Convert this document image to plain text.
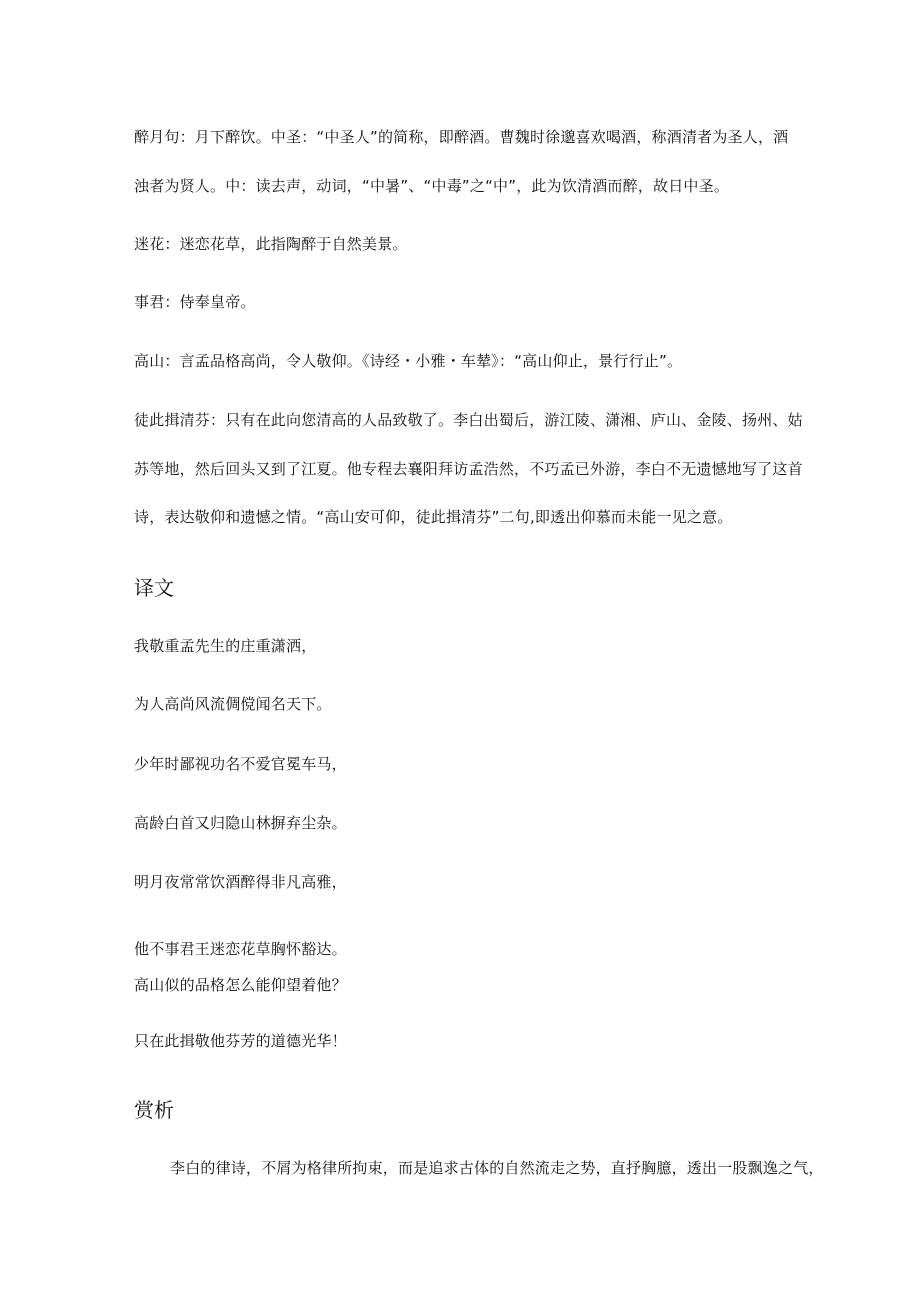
醉月句：月下醉饮。中圣：“中圣人”的简称，即醉酒。曹魏时徐邈喜欢喝酒，称酒清者为圣人，酒
浊者为贤人。中：读去声，动词，“中暑”、“中毒”之“中”，此为饮清酒而醉，故日中圣。
迷花：迷恋花草，此指陶醉于自然美景。
事君：侍奉皇帝。
高山：言孟品格高尚，令人敬仰。《诗经・小雅・车辇》：“高山仰止，景行行止”。
徒此揖清芬：只有在此向您清高的人品致敬了。李白出蜀后，游江陵、潇湘、庐山、金陵、扬州、姑
苏等地，然后回头又到了江夏。他专程去襄阳拜访孟浩然，不巧孟已外游，李白不无遗憾地写了这首
诗，表达敬仰和遗憾之情。“高山安可仰，徒此揖清芬”二句,即透出仰慕而未能一见之意。
译文
我敬重孟先生的庄重潇洒，
为人高尚风流倜傥闻名天下。
少年时鄙视功名不爱官冕车马，
高龄白首又归隐山林摒弃尘杂。
明月夜常常饮酒醉得非凡高雅，
他不事君王迷恋花草胸怀豁达。
高山似的品格怎么能仰望着他？
只在此揖敬他芬芳的道德光华！
赏析
李白的律诗，不屑为格律所拘束，而是追求古体的自然流走之势，直抒胸臆，透出一股飘逸之气，
